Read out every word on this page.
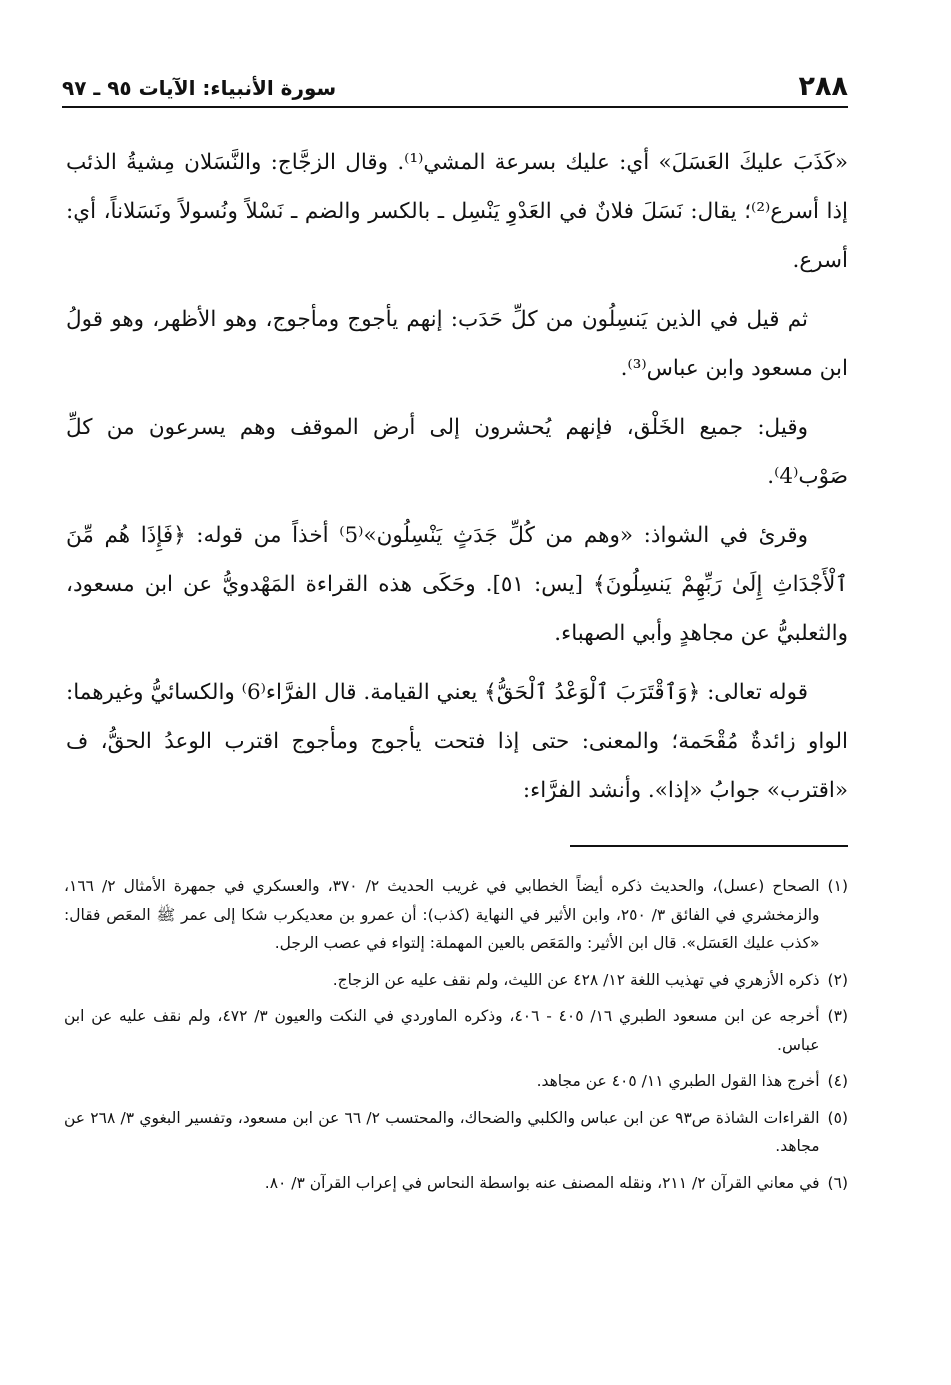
٢٨٨
سورة الأنبياء: الآيات ٩٥ ـ ٩٧

«كَذَبَ عليكَ العَسَلَ» أي: عليك بسرعة المشي⁽¹⁾. وقال الزجَّاج: والنَّسَلان مِشيةُ الذئب إذا أسرع⁽²⁾؛ يقال: نَسَلَ فلانٌ في العَدْوِ يَنْسِل ـ بالكسر والضم ـ نَسْلاً ونُسولاً ونَسَلاناً، أي: أسرع.

ثم قيل في الذين يَنسِلُون من كلِّ حَدَب: إنهم يأجوج ومأجوج، وهو الأظهر، وهو قولُ ابن مسعود وابن عباس⁽³⁾.

وقيل: جميع الخَلْق، فإنهم يُحشرون إلى أرض الموقف وهم يسرعون من كلِّ صَوْب⁽4⁾.

وقرئ في الشواذ: «وهم من كُلِّ جَدَثٍ يَنْسِلُون»⁽5⁾ أخذاً من قوله: ﴿فَإِذَا هُم مِّنَ ٱلْأَجْدَاثِ إِلَىٰ رَبِّهِمْ يَنسِلُونَ﴾ [يس: ٥١]. وحَكَى هذه القراءة المَهْدويُّ عن ابن مسعود، والثعلبيُّ عن مجاهدٍ وأبي الصهباء.

قوله تعالى: ﴿وَٱقْتَرَبَ ٱلْوَعْدُ ٱلْحَقُّ﴾ يعني القيامة. قال الفرَّاء⁽6⁾ والكسائيُّ وغيرهما: الواو زائدةٌ مُقْحَمة؛ والمعنى: حتى إذا فتحت يأجوج ومأجوج اقترب الوعدُ الحقُّ، ف «اقترب» جوابُ «إذا». وأنشد الفرَّاء:

(١)
الصحاح (عسل)، والحديث ذكره أيضاً الخطابي في غريب الحديث ٢/ ٣٧٠، والعسكري في جمهرة الأمثال ٢/ ١٦٦، والزمخشري في الفائق ٣/ ٢٥٠، وابن الأثير في النهاية (كذب): أن عمرو بن معديكرب شكا إلى عمر ﷺ المعَص فقال: «كذب عليك العَسَل». قال ابن الأثير: والمَعَص بالعين المهملة: إلتواء في عصب الرجل.
(٢)
ذكره الأزهري في تهذيب اللغة ١٢/ ٤٢٨ عن الليث، ولم نقف عليه عن الزجاج.
(٣)
أخرجه عن ابن مسعود الطبري ١٦/ ٤٠٥ - ٤٠٦، وذكره الماوردي في النكت والعيون ٣/ ٤٧٢، ولم نقف عليه عن ابن عباس.
(٤)
أخرج هذا القول الطبري ١١/ ٤٠٥ عن مجاهد.
(٥)
القراءات الشاذة ص٩٣ عن ابن عباس والكلبي والضحاك، والمحتسب ٢/ ٦٦ عن ابن مسعود، وتفسير البغوي ٣/ ٢٦٨ عن مجاهد.
(٦)
في معاني القرآن ٢/ ٢١١، ونقله المصنف عنه بواسطة النحاس في إعراب القرآن ٣/ ٨٠.
